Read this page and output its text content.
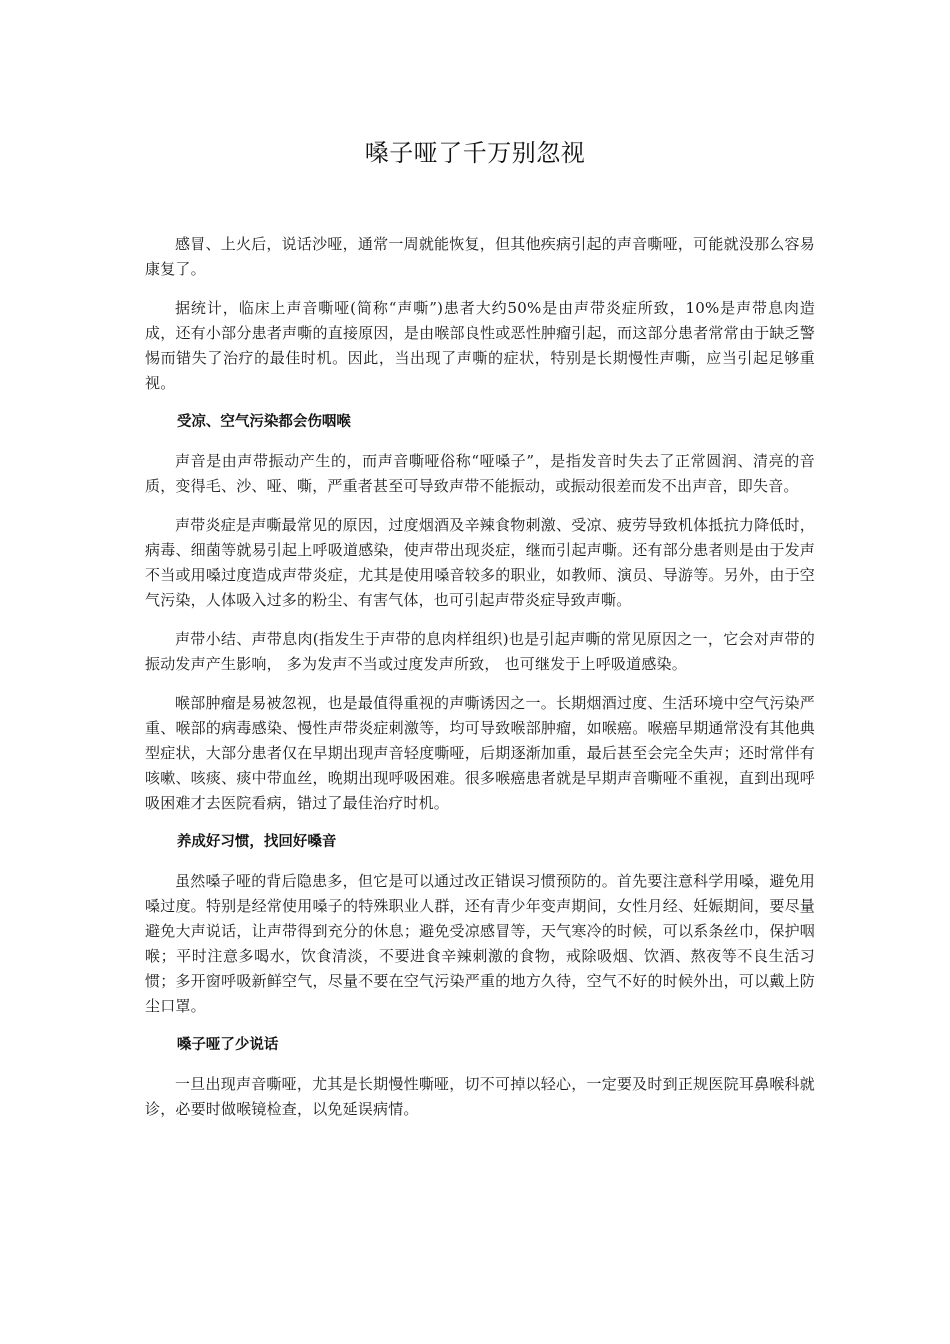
嗓子哑了千万别忽视

感冒、上火后，说话沙哑，通常一周就能恢复，但其他疾病引起的声音嘶哑，可能就没那么容易康复了。

据统计，临床上声音嘶哑(简称“声嘶”)患者大约50%是由声带炎症所致，10%是声带息肉造成，还有小部分患者声嘶的直接原因，是由喉部良性或恶性肿瘤引起，而这部分患者常常由于缺乏警惕而错失了治疗的最佳时机。因此，当出现了声嘶的症状，特别是长期慢性声嘶，应当引起足够重视。

受凉、空气污染都会伤咽喉

声音是由声带振动产生的，而声音嘶哑俗称“哑嗓子”，是指发音时失去了正常圆润、清亮的音质，变得毛、沙、哑、嘶，严重者甚至可导致声带不能振动，或振动很差而发不出声音，即失音。

声带炎症是声嘶最常见的原因，过度烟酒及辛辣食物刺激、受凉、疲劳导致机体抵抗力降低时，病毒、细菌等就易引起上呼吸道感染，使声带出现炎症，继而引起声嘶。还有部分患者则是由于发声不当或用嗓过度造成声带炎症，尤其是使用嗓音较多的职业，如教师、演员、导游等。另外，由于空气污染，人体吸入过多的粉尘、有害气体，也可引起声带炎症导致声嘶。

声带小结、声带息肉(指发生于声带的息肉样组织)也是引起声嘶的常见原因之一，它会对声带的振动发声产生影响， 多为发声不当或过度发声所致， 也可继发于上呼吸道感染。

喉部肿瘤是易被忽视，也是最值得重视的声嘶诱因之一。长期烟酒过度、生活环境中空气污染严重、喉部的病毒感染、慢性声带炎症刺激等，均可导致喉部肿瘤，如喉癌。喉癌早期通常没有其他典型症状，大部分患者仅在早期出现声音轻度嘶哑，后期逐渐加重，最后甚至会完全失声；还时常伴有咳嗽、咳痰、痰中带血丝，晚期出现呼吸困难。很多喉癌患者就是早期声音嘶哑不重视，直到出现呼吸困难才去医院看病，错过了最佳治疗时机。

养成好习惯，找回好嗓音

虽然嗓子哑的背后隐患多，但它是可以通过改正错误习惯预防的。首先要注意科学用嗓，避免用嗓过度。特别是经常使用嗓子的特殊职业人群，还有青少年变声期间，女性月经、妊娠期间，要尽量避免大声说话，让声带得到充分的休息；避免受凉感冒等，天气寒冷的时候，可以系条丝巾，保护咽喉；平时注意多喝水，饮食清淡，不要进食辛辣刺激的食物，戒除吸烟、饮酒、熬夜等不良生活习惯；多开窗呼吸新鲜空气，尽量不要在空气污染严重的地方久待，空气不好的时候外出，可以戴上防尘口罩。

嗓子哑了少说话

一旦出现声音嘶哑，尤其是长期慢性嘶哑，切不可掉以轻心，一定要及时到正规医院耳鼻喉科就诊，必要时做喉镜检查，以免延误病情。
